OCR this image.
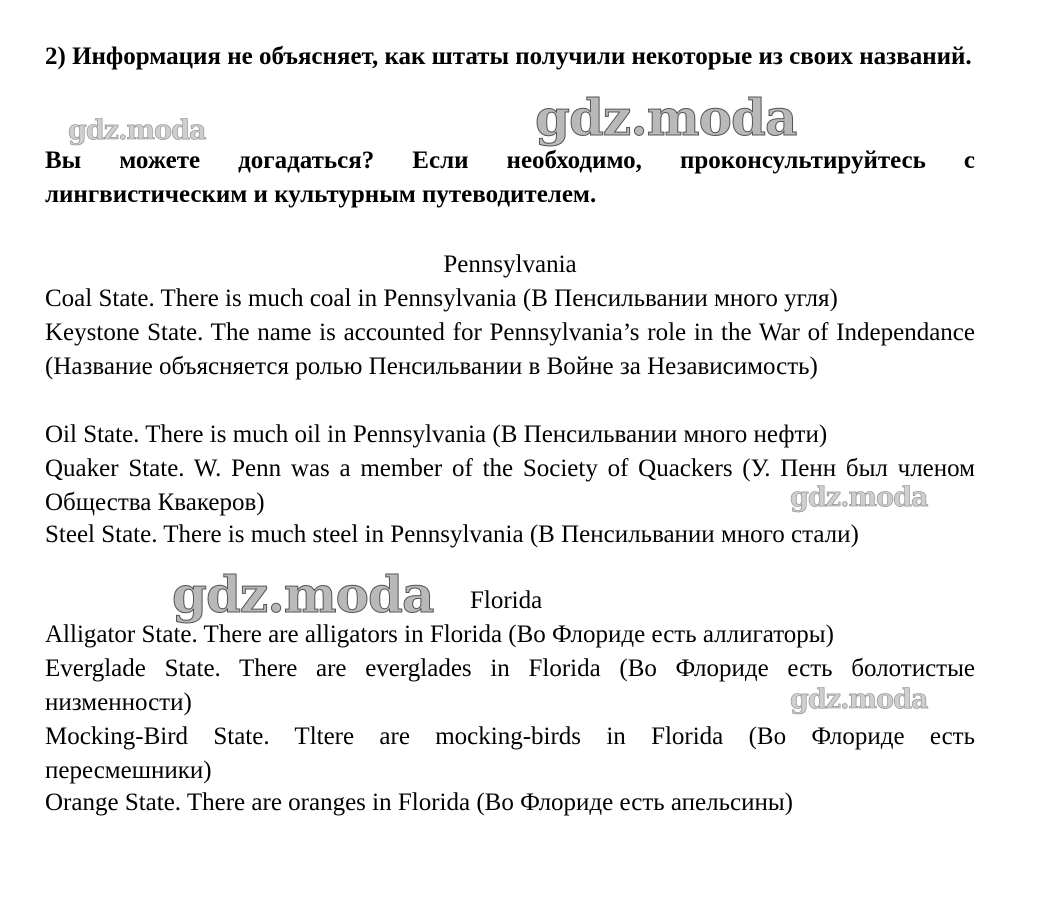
2) Информация не объясняет, как штаты получили некоторые из своих названий.

Вы можете догадаться? Если необходимо, проконсультируйтесь с лингвистическим и культурным путеводителем.

Pennsylvania

Coal State. There is much coal in Pennsylvania (В Пенсильвании много угля)

Keystone State. The name is accounted for Pennsylvania’s role in the War of Independance (Название объясняется ролью Пенсильвании в Войне за Независимость)

Oil State. There is much oil in Pennsylvania (В Пенсильвании много нефти)

Quaker State. W. Penn was a member of the Society of Quackers (У. Пенн был членом Общества Квакеров)

Steel State. There is much steel in Pennsylvania (В Пенсильвании много стали)

Florida

Alligator State. There are alligators in Florida (Во Флориде есть аллигаторы)

Everglade State. There are everglades in Florida (Во Флориде есть болотистые низменности)

Mocking-Bird State. Tltere are mocking-birds in Florida (Во Флориде есть пересмешники)

Orange State. There are oranges in Florida (Во Флориде есть апельсины)

gdz.moda	gdz.moda
gdz.moda
gdz.moda
gdz.moda
